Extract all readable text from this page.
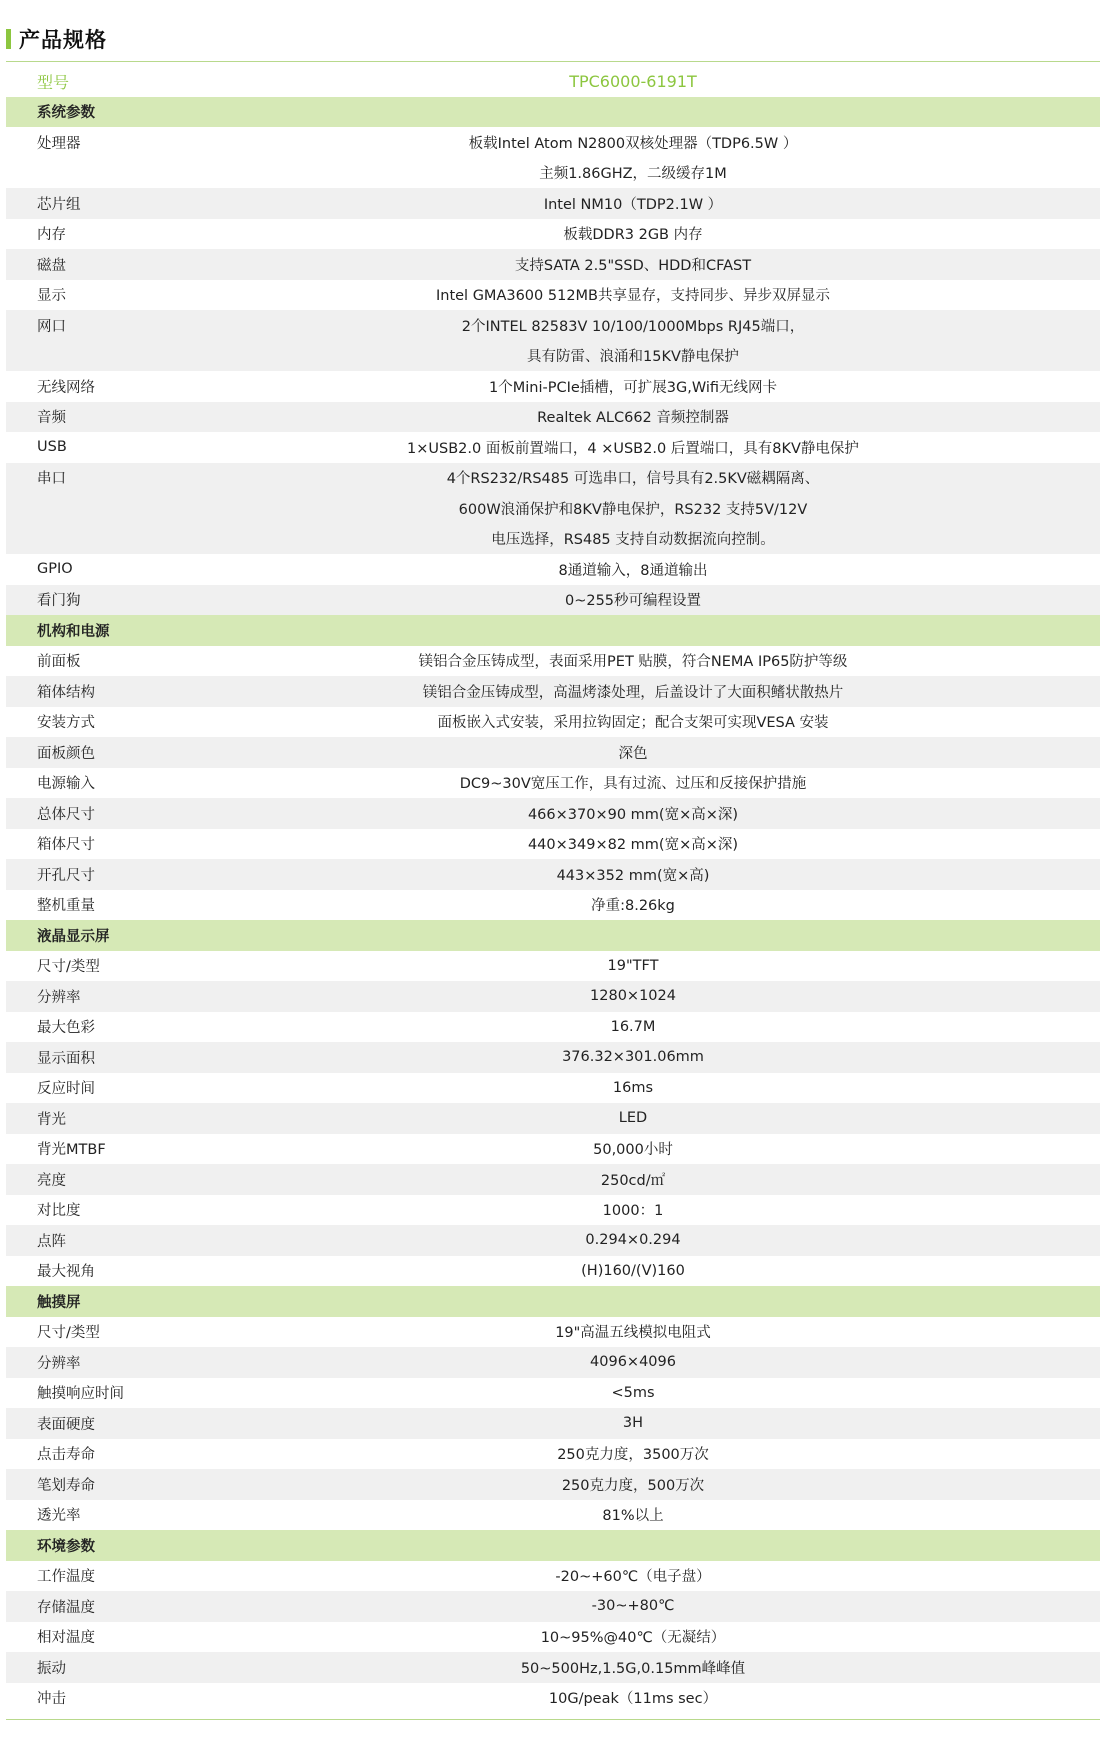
产品规格
型号	TPC6000-6191T
系统参数
处理器	板载Intel Atom N2800双核处理器（TDP6.5W ）
主频1.86GHZ，二级缓存1M
芯片组	Intel NM10（TDP2.1W ）
内存	板载DDR3 2GB 内存
磁盘	支持SATA 2.5"SSD、HDD和CFAST
显示	Intel GMA3600 512MB共享显存，支持同步、异步双屏显示
网口	2个INTEL 82583V 10/100/1000Mbps RJ45端口，
具有防雷、浪涌和15KV静电保护
无线网络	1个Mini-PCIe插槽，可扩展3G,Wifi无线网卡
音频	Realtek ALC662 音频控制器
USB	1×USB2.0 面板前置端口，4 ×USB2.0 后置端口，具有8KV静电保护
串口	4个RS232/RS485 可选串口，信号具有2.5KV磁耦隔离、
600W浪涌保护和8KV静电保护，RS232 支持5V/12V
电压选择，RS485 支持自动数据流向控制。
GPIO	8通道输入，8通道输出
看门狗	0~255秒可编程设置
机构和电源
前面板	镁铝合金压铸成型，表面采用PET 贴膜，符合NEMA IP65防护等级
箱体结构	镁铝合金压铸成型，高温烤漆处理，后盖设计了大面积鳍状散热片
安装方式	面板嵌入式安装，采用拉钩固定；配合支架可实现VESA 安装
面板颜色	深色
电源输入	DC9~30V宽压工作，具有过流、过压和反接保护措施
总体尺寸	466×370×90 mm(宽×高×深)
箱体尺寸	440×349×82 mm(宽×高×深)
开孔尺寸	443×352 mm(宽×高)
整机重量	净重:8.26kg
液晶显示屏
尺寸/类型	19"TFT
分辨率	1280×1024
最大色彩	16.7M
显示面积	376.32×301.06mm
反应时间	16ms
背光	LED
背光MTBF	50,000小时
亮度	250cd/㎡
对比度	1000：1
点阵	0.294×0.294
最大视角	(H)160/(V)160
触摸屏
尺寸/类型	19"高温五线模拟电阻式
分辨率	4096×4096
触摸响应时间	<5ms
表面硬度	3H
点击寿命	250克力度，3500万次
笔划寿命	250克力度，500万次
透光率	81%以上
环境参数
工作温度	-20~+60℃（电子盘）
存储温度	-30~+80℃
相对温度	10~95%@40℃（无凝结）
振动	50~500Hz,1.5G,0.15mm峰峰值
冲击	10G/peak（11ms sec）
